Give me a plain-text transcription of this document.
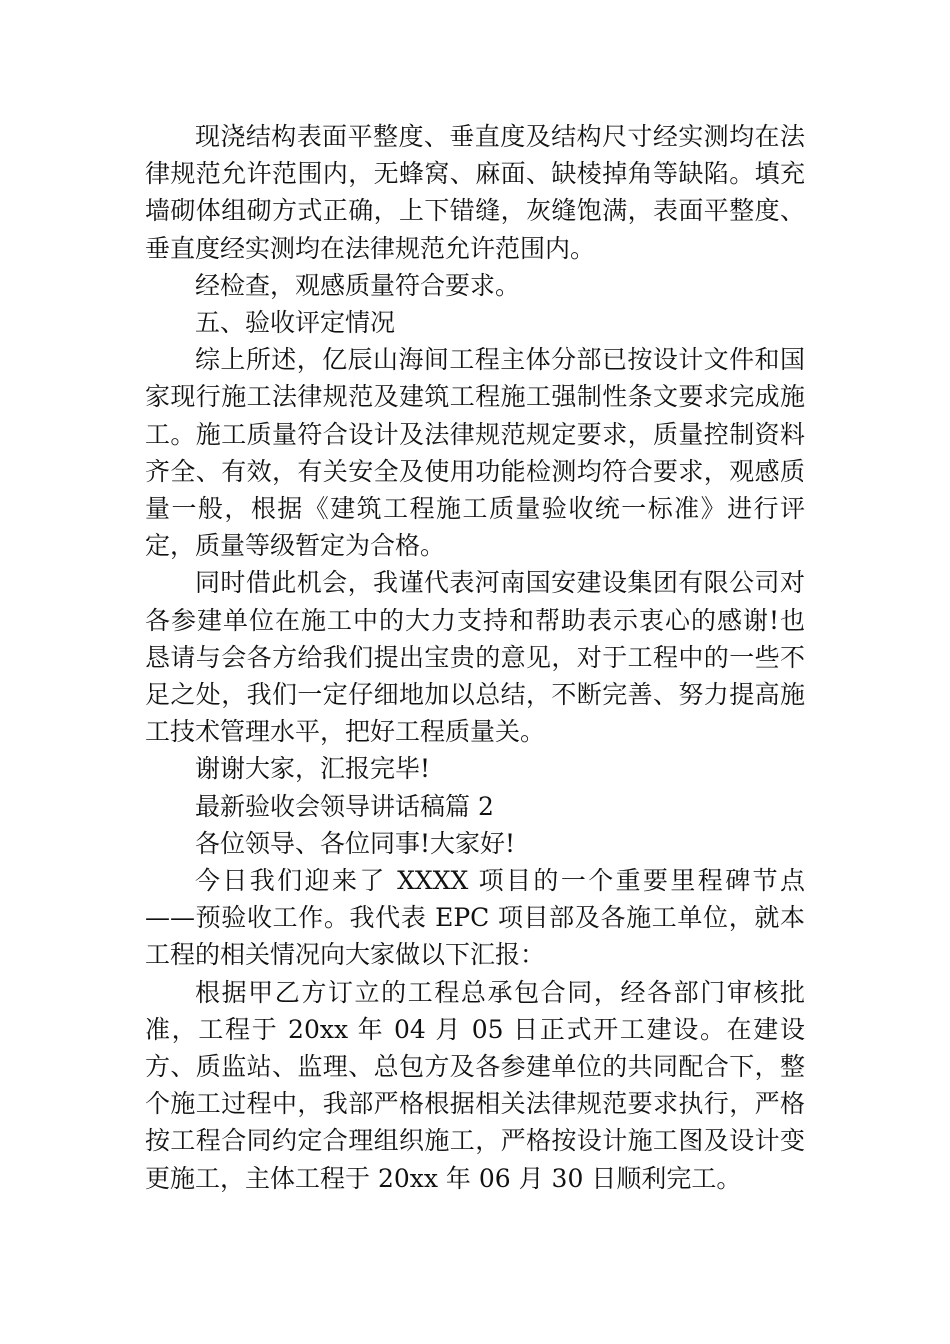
现浇结构表面平整度、垂直度及结构尺寸经实测均在法律规范允许范围内，无蜂窝、麻面、缺棱掉角等缺陷。填充墙砌体组砌方式正确，上下错缝，灰缝饱满，表面平整度、垂直度经实测均在法律规范允许范围内。

经检查，观感质量符合要求。

五、验收评定情况

综上所述，亿辰山海间工程主体分部已按设计文件和国家现行施工法律规范及建筑工程施工强制性条文要求完成施工。施工质量符合设计及法律规范规定要求，质量控制资料齐全、有效，有关安全及使用功能检测均符合要求，观感质量一般，根据《建筑工程施工质量验收统一标准》进行评定，质量等级暂定为合格。

同时借此机会，我谨代表河南国安建设集团有限公司对各参建单位在施工中的大力支持和帮助表示衷心的感谢!也恳请与会各方给我们提出宝贵的意见，对于工程中的一些不足之处，我们一定仔细地加以总结，不断完善、努力提高施工技术管理水平，把好工程质量关。

谢谢大家，汇报完毕!

最新验收会领导讲话稿篇 2

各位领导、各位同事!大家好!

今日我们迎来了 XXXX 项目的一个重要里程碑节点——预验收工作。我代表 EPC 项目部及各施工单位，就本工程的相关情况向大家做以下汇报：

根据甲乙方订立的工程总承包合同，经各部门审核批准，工程于 20xx 年 04 月 05 日正式开工建设。在建设方、质监站、监理、总包方及各参建单位的共同配合下，整个施工过程中，我部严格根据相关法律规范要求执行，严格按工程合同约定合理组织施工，严格按设计施工图及设计变更施工，主体工程于 20xx 年 06 月 30 日顺利完工。
